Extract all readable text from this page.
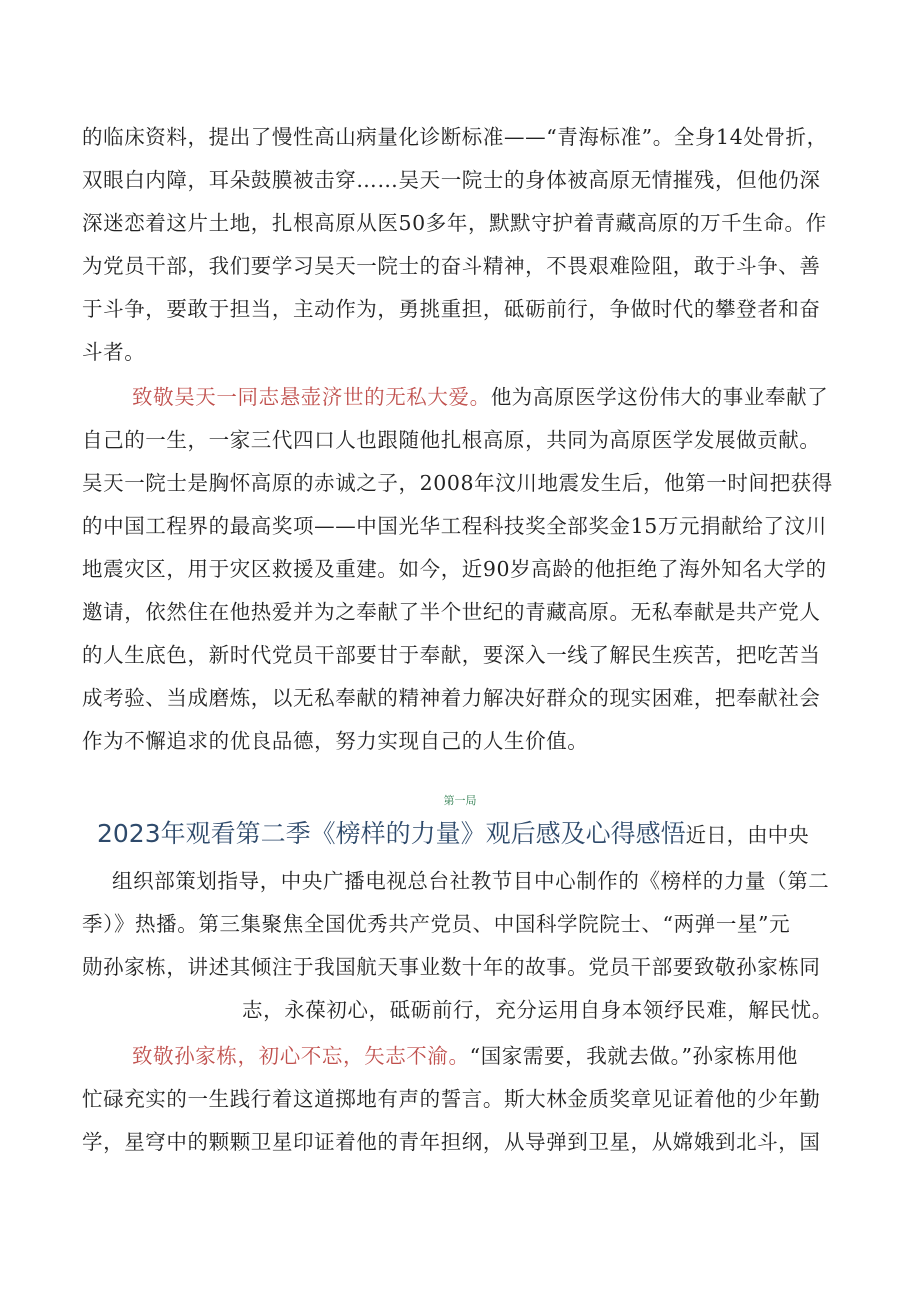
的临床资料，提出了慢性高山病量化诊断标准——“青海标准”。全身14处骨折，
双眼白内障，耳朵鼓膜被击穿……吴天一院士的身体被高原无情摧残，但他仍深
深迷恋着这片土地，扎根高原从医50多年，默默守护着青藏高原的万千生命。作
为党员干部，我们要学习吴天一院士的奋斗精神，不畏艰难险阻，敢于斗争、善
于斗争，要敢于担当，主动作为，勇挑重担，砥砺前行，争做时代的攀登者和奋
斗者。
致敬吴天一同志悬壶济世的无私大爱。他为高原医学这份伟大的事业奉献了
自己的一生，一家三代四口人也跟随他扎根高原，共同为高原医学发展做贡献。
吴天一院士是胸怀高原的赤诚之子，2008年汶川地震发生后，他第一时间把获得
的中国工程界的最高奖项——中国光华工程科技奖全部奖金15万元捐献给了汶川
地震灾区，用于灾区救援及重建。如今，近90岁高龄的他拒绝了海外知名大学的
邀请，依然住在他热爱并为之奉献了半个世纪的青藏高原。无私奉献是共产党人
的人生底色，新时代党员干部要甘于奉献，要深入一线了解民生疾苦，把吃苦当
成考验、当成磨炼，以无私奉献的精神着力解决好群众的现实困难，把奉献社会
作为不懈追求的优良品德，努力实现自己的人生价值。
第一局
2023年观看第二季《榜样的力量》观后感及心得感悟近日，由中央
组织部策划指导，中央广播电视总台社教节目中心制作的《榜样的力量（第二
季）》热播。第三集聚焦全国优秀共产党员、中国科学院院士、“两弹一星”元
勋孙家栋，讲述其倾注于我国航天事业数十年的故事。党员干部要致敬孙家栋同
志，永葆初心，砥砺前行，充分运用自身本领纾民难，解民忧。
致敬孙家栋，初心不忘，矢志不渝。“国家需要，我就去做。”孙家栋用他
忙碌充实的一生践行着这道掷地有声的誓言。斯大林金质奖章见证着他的少年勤
学，星穹中的颗颗卫星印证着他的青年担纲，从导弹到卫星，从嫦娥到北斗，国
